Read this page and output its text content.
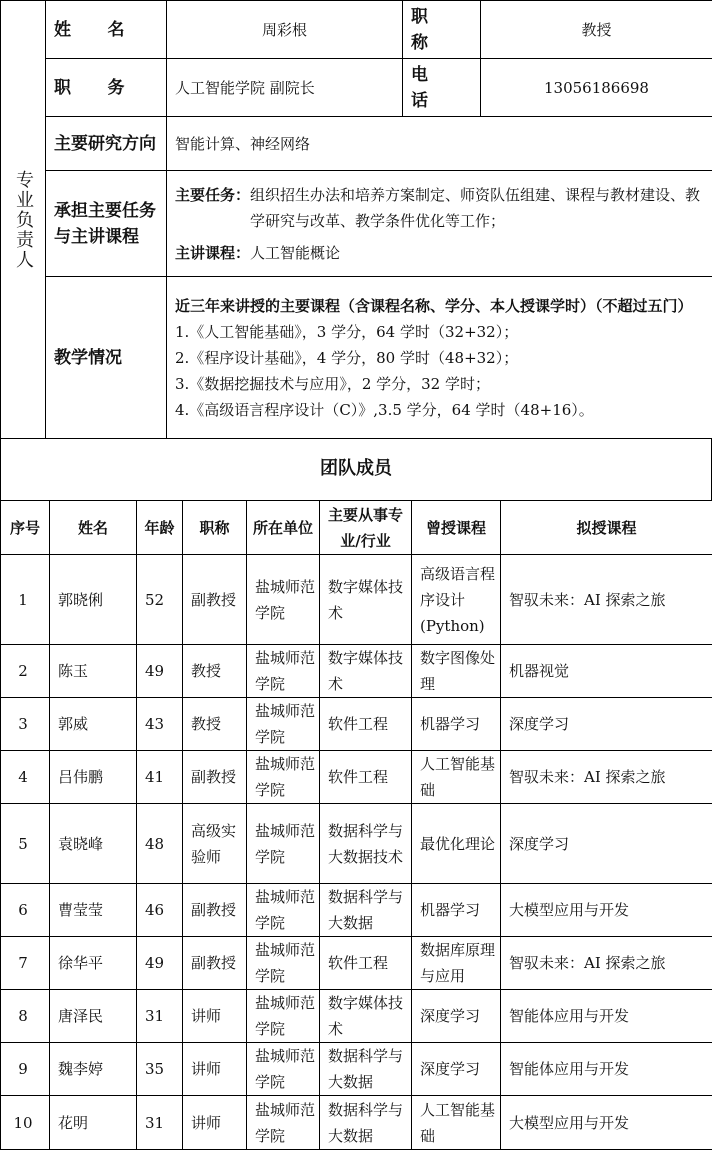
专业负责人	姓 名	周彩根	职 称	教授
	职 务	人工智能学院 副院长	电 话	13056186698
	主要研究方向	智能计算、神经网络		
	承担主要任务与主讲课程	主要任务： 组织招生办法和培养方案制定、师资队伍组建、课程与教材建设、教学研究与改革、教学条件优化等工作；
主讲课程：人工智能概论		

	教学情况	近三年来讲授的主要课程（含课程名称、学分、本人授课学时）（不超过五门）
1.《人工智能基础》，3 学分，64 学时（32+32）；
2.《程序设计基础》，4 学分，80 学时（48+32）；
3.《数据挖掘技术与应用》，2 学分，32 学时；
4.《高级语言程序设计（C）》,3.5 学分，64 学时（48+16）。		
团队成员
序号	姓名	年龄	职称	所在单位	主要从事专业/行业	曾授课程	拟授课程
1	郭晓俐	52	副教授	盐城师范学院	数字媒体技术	高级语言程序设计(Python)	智驭未来：AI 探索之旅
2	陈玉	49	教授	盐城师范学院	数字媒体技术	数字图像处理	机器视觉
3	郭威	43	教授	盐城师范学院	软件工程	机器学习	深度学习
4	吕伟鹏	41	副教授	盐城师范学院	软件工程	人工智能基础	智驭未来：AI 探索之旅
5	袁晓峰	48	高级实验师	盐城师范学院	数据科学与大数据技术	最优化理论	深度学习
6	曹莹莹	46	副教授	盐城师范学院	数据科学与大数据	机器学习	大模型应用与开发
7	徐华平	49	副教授	盐城师范学院	软件工程	数据库原理与应用	智驭未来：AI 探索之旅
8	唐泽民	31	讲师	盐城师范学院	数字媒体技术	深度学习	智能体应用与开发
9	魏李婷	35	讲师	盐城师范学院	数据科学与大数据	深度学习	智能体应用与开发
10	花明	31	讲师	盐城师范学院	数据科学与大数据	人工智能基础	大模型应用与开发
